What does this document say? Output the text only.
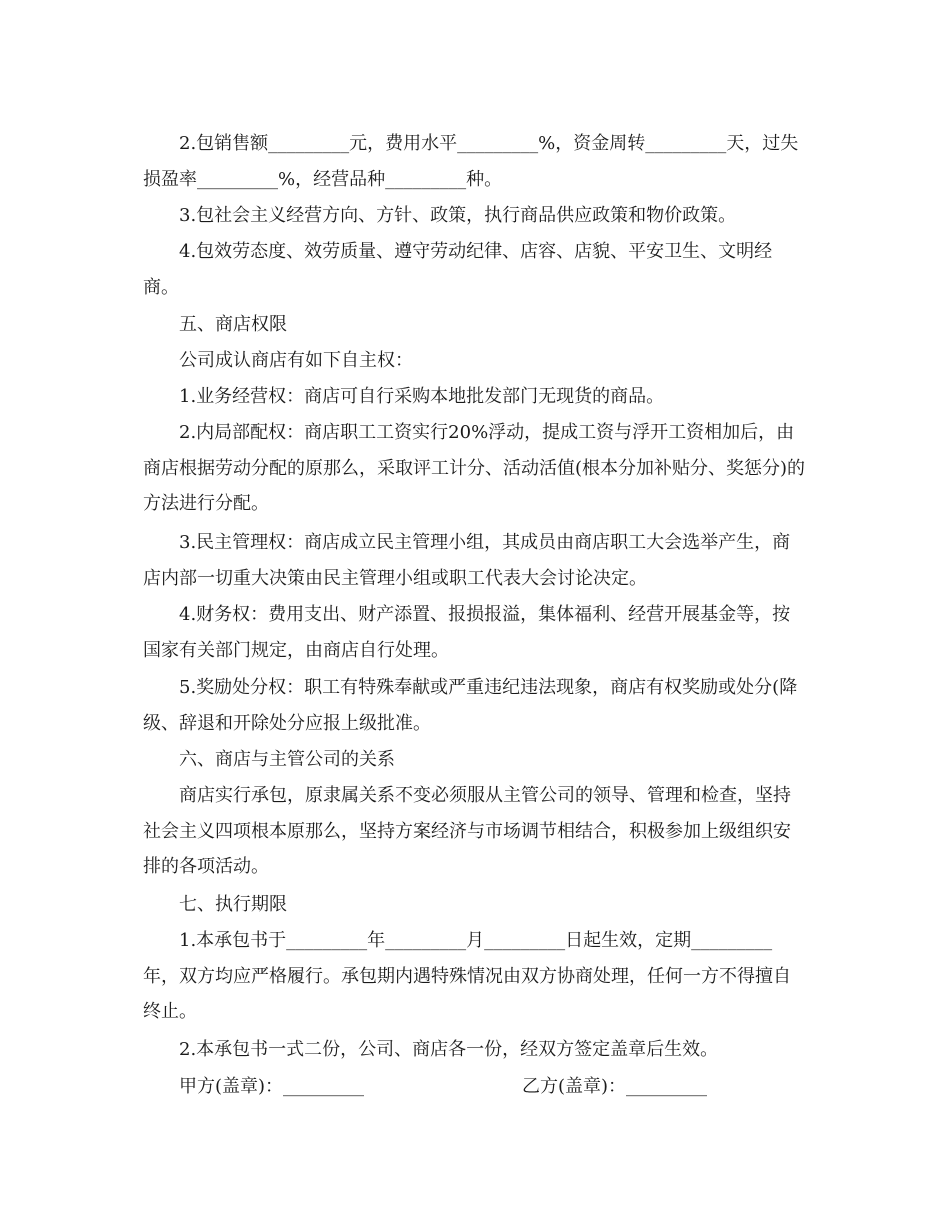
2.包销售额_________元，费用水平_________%，资金周转_________天，过失损盈率_________%，经营品种_________种。

3.包社会主义经营方向、方针、政策，执行商品供应政策和物价政策。

4.包效劳态度、效劳质量、遵守劳动纪律、店容、店貌、平安卫生、文明经商。

五、商店权限

公司成认商店有如下自主权：

1.业务经营权：商店可自行采购本地批发部门无现货的商品。

2.内局部配权：商店职工工资实行20%浮动，提成工资与浮开工资相加后，由商店根据劳动分配的原那么，采取评工计分、活动活值(根本分加补贴分、奖惩分)的方法进行分配。

3.民主管理权：商店成立民主管理小组，其成员由商店职工大会选举产生，商店内部一切重大决策由民主管理小组或职工代表大会讨论决定。

4.财务权：费用支出、财产添置、报损报溢，集体福利、经营开展基金等，按国家有关部门规定，由商店自行处理。

5.奖励处分权：职工有特殊奉献或严重违纪违法现象，商店有权奖励或处分(降级、辞退和开除处分应报上级批准。

六、商店与主管公司的关系

商店实行承包，原隶属关系不变必须服从主管公司的领导、管理和检查，坚持社会主义四项根本原那么，坚持方案经济与市场调节相结合，积极参加上级组织安排的各项活动。

七、执行期限

1.本承包书于_________年_________月_________日起生效，定期_________年，双方均应严格履行。承包期内遇特殊情况由双方协商处理，任何一方不得擅自终止。

2.本承包书一式二份，公司、商店各一份，经双方签定盖章后生效。

甲方(盖章)：_________	乙方(盖章)：_________
